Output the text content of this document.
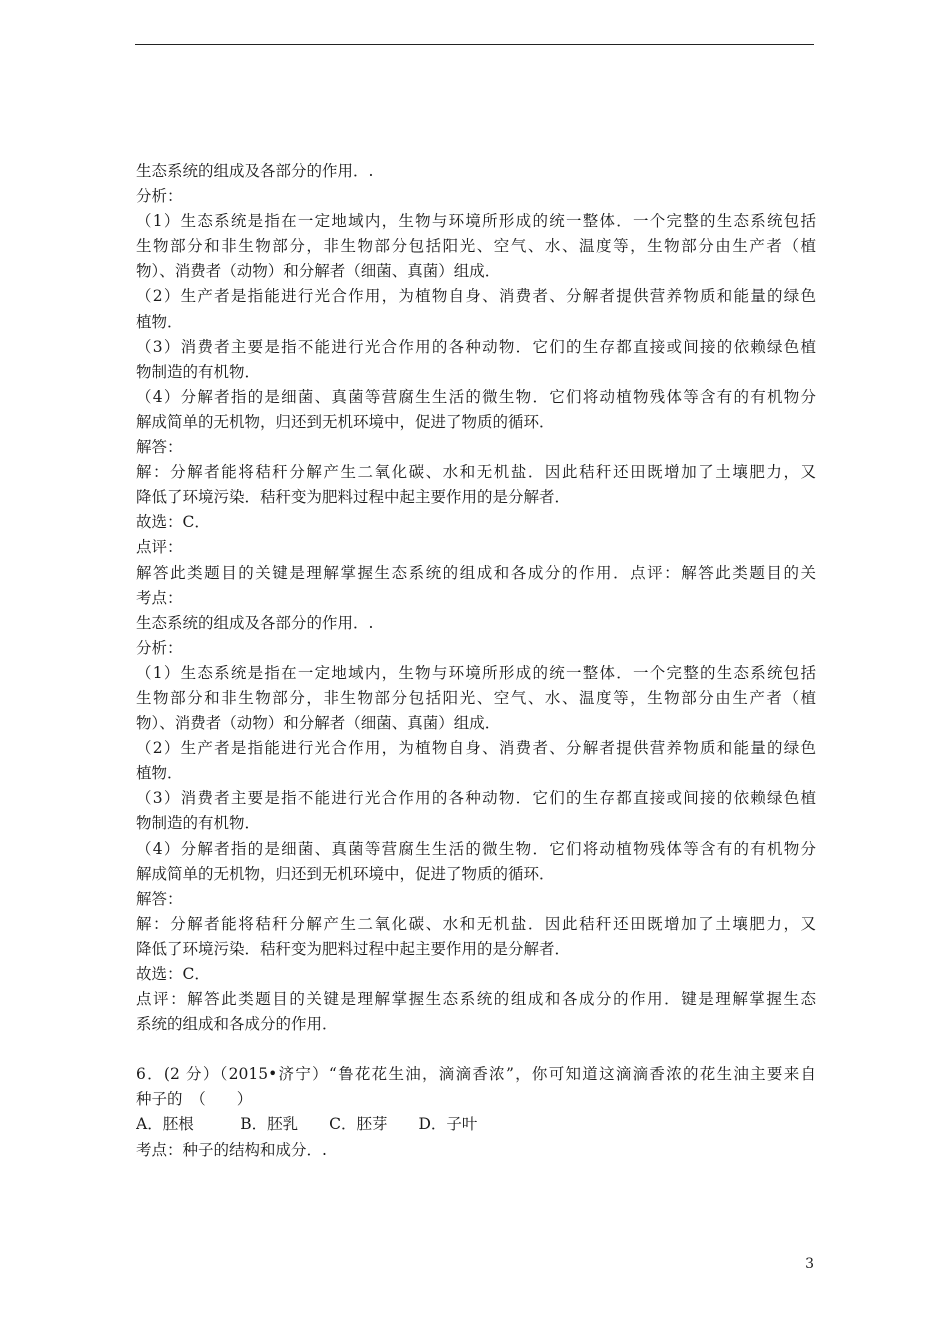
生态系统的组成及各部分的作用．.
分析：
（1）生态系统是指在一定地域内，生物与环境所形成的统一整体．一个完整的生态系统包括
生物部分和非生物部分，非生物部分包括阳光、空气、水、温度等，生物部分由生产者（植
物）、消费者（动物）和分解者（细菌、真菌）组成．
（2）生产者是指能进行光合作用，为植物自身、消费者、分解者提供营养物质和能量的绿色
植物．
（3）消费者主要是指不能进行光合作用的各种动物．它们的生存都直接或间接的依赖绿色植
物制造的有机物．
（4）分解者指的是细菌、真菌等营腐生生活的微生物．它们将动植物残体等含有的有机物分
解成简单的无机物，归还到无机环境中，促进了物质的循环．
解答：
解：分解者能将秸秆分解产生二氧化碳、水和无机盐．因此秸秆还田既增加了土壤肥力，又
降低了环境污染．秸秆变为肥料过程中起主要作用的是分解者．
故选：C．
点评：
解答此类题目的关键是理解掌握生态系统的组成和各成分的作用．点评：解答此类题目的关
考点：
生态系统的组成及各部分的作用．.
分析：
（1）生态系统是指在一定地域内，生物与环境所形成的统一整体．一个完整的生态系统包括
生物部分和非生物部分，非生物部分包括阳光、空气、水、温度等，生物部分由生产者（植
物）、消费者（动物）和分解者（细菌、真菌）组成．
（2）生产者是指能进行光合作用，为植物自身、消费者、分解者提供营养物质和能量的绿色
植物．
（3）消费者主要是指不能进行光合作用的各种动物．它们的生存都直接或间接的依赖绿色植
物制造的有机物．
（4）分解者指的是细菌、真菌等营腐生生活的微生物．它们将动植物残体等含有的有机物分
解成简单的无机物，归还到无机环境中，促进了物质的循环．
解答：
解：分解者能将秸秆分解产生二氧化碳、水和无机盐．因此秸秆还田既增加了土壤肥力，又
降低了环境污染．秸秆变为肥料过程中起主要作用的是分解者．
故选：C．
点评：解答此类题目的关键是理解掌握生态系统的组成和各成分的作用．键是理解掌握生态
系统的组成和各成分的作用．
6．(2 分）（2015•济宁）“鲁花花生油，滴滴香浓”，你可知道这滴滴香浓的花生油主要来自
种子的　（　　）
A．胚根　　　B．胚乳　　C．胚芽　　D．子叶
考点：种子的结构和成分．.
3
